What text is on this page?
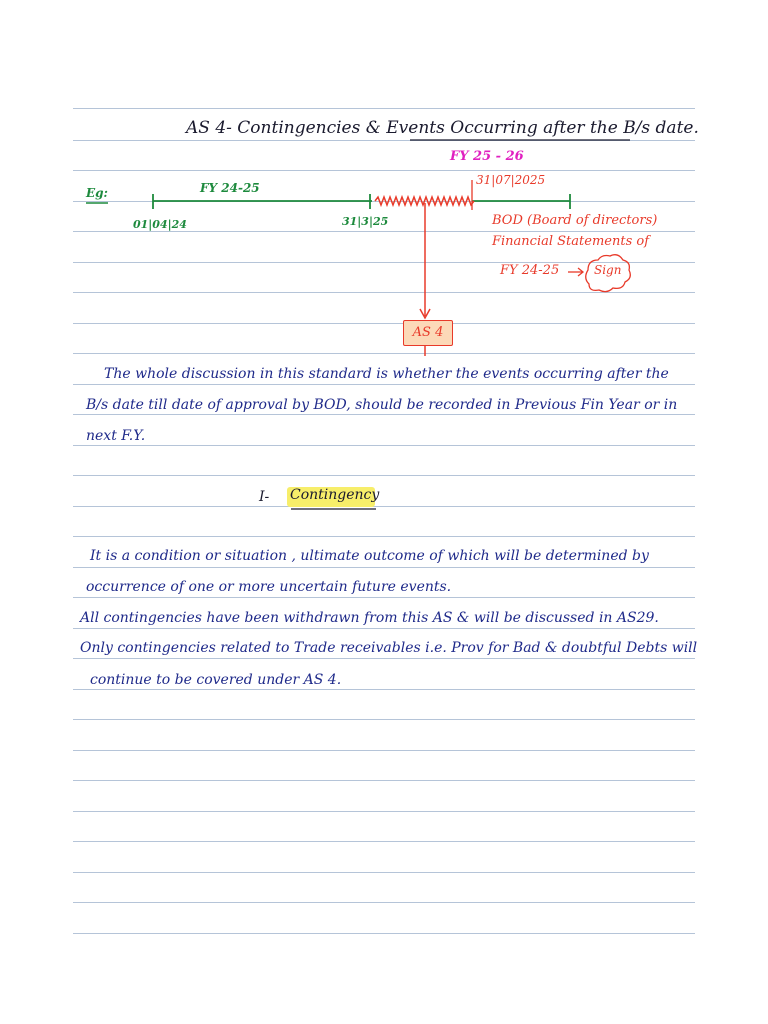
AS 4- Contingencies & Events Occurring after the B/s date.
Eg:	FY 24-25
FY 25 - 26
01|04|24	31|3|25
31|07|2025
BOD (Board of directors)
Financial Statements of
FY 24-25	Sign
AS 4
The whole discussion in this standard is whether the events occurring after the
B/s date till date of approval by BOD, should be recorded in Previous Fin Year or in
next F.Y.
I- Contingency
It is a condition or situation , ultimate outcome of which will be determined by
occurrence of one or more uncertain future events.
All contingencies have been withdrawn from this AS & will be discussed in AS29.
Only contingencies related to Trade receivables i.e. Prov for Bad & doubtful Debts will
continue to be covered under AS 4.
